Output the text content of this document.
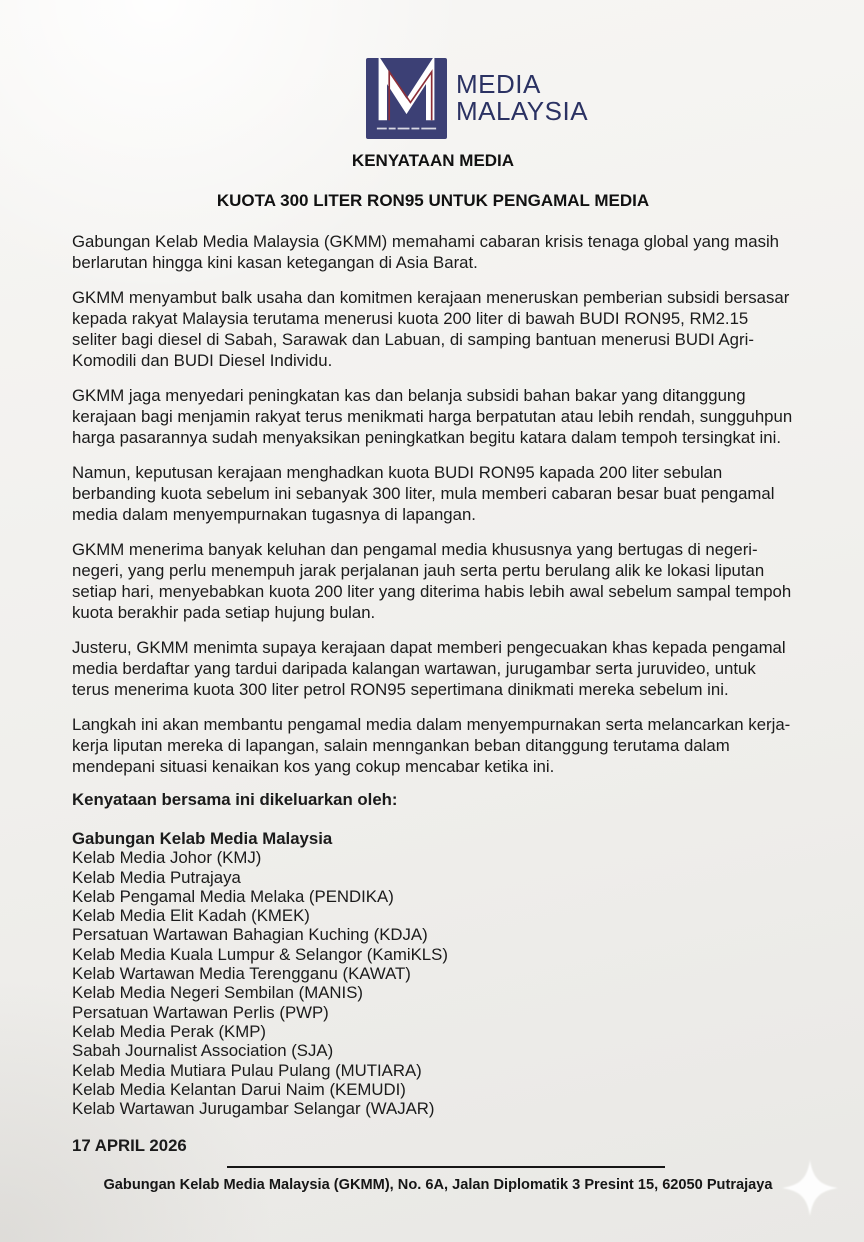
MEDIA
MALAYSIA
KENYATAAN MEDIA
KUOTA 300 LITER RON95 UNTUK PENGAMAL MEDIA

Gabungan Kelab Media Malaysia (GKMM) memahami cabaran krisis tenaga global yang masih berlarutan hingga kini kasan ketegangan di Asia Barat.

GKMM menyambut balk usaha dan komitmen kerajaan meneruskan pemberian subsidi bersasar kepada rakyat Malaysia terutama menerusi kuota 200 liter di bawah BUDI RON95, RM2.15 seliter bagi diesel di Sabah, Sarawak dan Labuan, di samping bantuan menerusi BUDI Agri-Komodili dan BUDI Diesel Individu.

GKMM jaga menyedari peningkatan kas dan belanja subsidi bahan bakar yang ditanggung kerajaan bagi menjamin rakyat terus menikmati harga berpatutan atau lebih rendah, sungguhpun harga pasarannya sudah menyaksikan peningkatkan begitu katara dalam tempoh tersingkat ini.

Namun, keputusan kerajaan menghadkan kuota BUDI RON95 kapada 200 liter sebulan berbanding kuota sebelum ini sebanyak 300 liter, mula memberi cabaran besar buat pengamal media dalam menyempurnakan tugasnya di lapangan.

GKMM menerima banyak keluhan dan pengamal media khususnya yang bertugas di negeri-negeri, yang perlu menempuh jarak perjalanan jauh serta pertu berulang alik ke lokasi liputan setiap hari, menyebabkan kuota 200 liter yang diterima habis lebih awal sebelum sampal tempoh kuota berakhir pada setiap hujung bulan.

Justeru, GKMM menimta supaya kerajaan dapat memberi pengecuakan khas kepada pengamal media berdaftar yang tardui daripada kalangan wartawan, jurugambar serta juruvideo, untuk terus menerima kuota 300 liter petrol RON95 sepertimana dinikmati mereka sebelum ini.

Langkah ini akan membantu pengamal media dalam menyempurnakan serta melancarkan kerja-kerja liputan mereka di lapangan, salain menngankan beban ditanggung terutama dalam mendepani situasi kenaikan kos yang cokup mencabar ketika ini.

Kenyataan bersama ini dikeluarkan oleh:
Gabungan Kelab Media Malaysia
Kelab Media Johor (KMJ)
Kelab Media Putrajaya
Kelab Pengamal Media Melaka (PENDIKA)
Kelab Media Elit Kadah (KMEK)
Persatuan Wartawan Bahagian Kuching (KDJA)
Kelab Media Kuala Lumpur & Selangor (KamiKLS)
Kelab Wartawan Media Terengganu (KAWAT)
Kelab Media Negeri Sembilan (MANIS)
Persatuan Wartawan Perlis (PWP)
Kelab Media Perak (KMP)
Sabah Journalist Association (SJA)
Kelab Media Mutiara Pulau Pulang (MUTIARA)
Kelab Media Kelantan Darui Naim (KEMUDI)
Kelab Wartawan Jurugambar Selangar (WAJAR)
17 APRIL 2026
Gabungan Kelab Media Malaysia (GKMM), No. 6A, Jalan Diplomatik 3 Presint 15, 62050 Putrajaya
